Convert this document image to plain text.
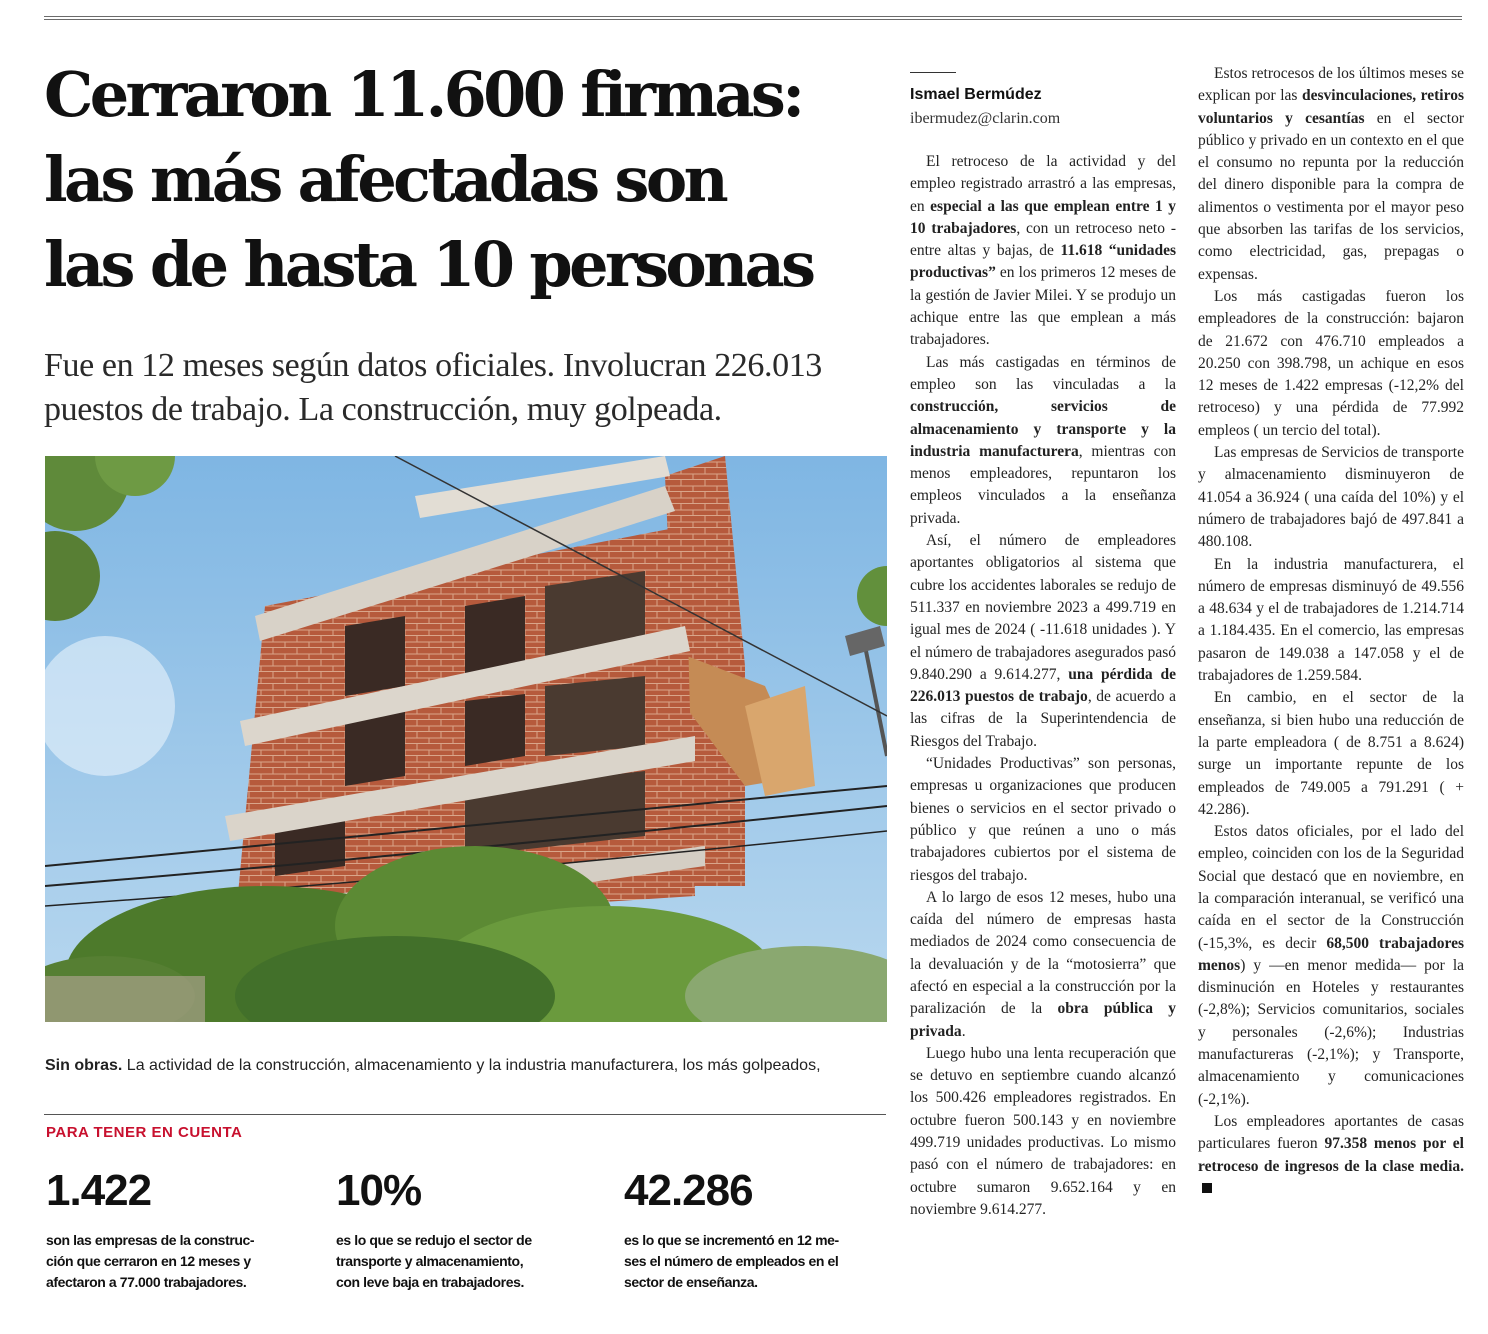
Cerraron 11.600 firmas:
las más afectadas son
las de hasta 10 personas

Fue en 12 meses según datos oficiales. Involucran 226.013
puestos de trabajo. La construcción, muy golpeada.

Sin obras. La actividad de la construcción, almacenamiento y la industria manufacturera, los más golpeados,
PARA TENER EN CUENTA
1.422
son las empresas de la construc-
ción que cerraron en 12 meses y
afectaron a 77.000 trabajadores.
10%
es lo que se redujo el sector de
transporte y almacenamiento,
con leve baja en trabajadores.
42.286
es lo que se incrementó en 12 me-
ses el número de empleados en el
sector de enseñanza.
Ismael Bermúdez
ibermudez@clarin.com

El retroceso de la actividad y del empleo registrado arrastró a las empresas, en especial a las que emplean entre 1 y 10 trabajadores, con un retroceso neto - entre altas y bajas, de 11.618 “unidades productivas” en los primeros 12 meses de la gestión de Javier Milei. Y se produjo un achique entre las que emplean a más trabajadores.

Las más castigadas en términos de empleo son las vinculadas a la construcción, servicios de almacenamiento y transporte y la industria manufacturera, mientras con menos empleadores, repuntaron los empleos vinculados a la enseñanza privada.

Así, el número de empleadores aportantes obligatorios al sistema que cubre los accidentes laborales se redujo de 511.337 en noviembre 2023 a 499.719 en igual mes de 2024 ( -11.618 unidades ). Y el número de trabajadores asegurados pasó 9.840.290 a 9.614.277, una pérdida de 226.013 puestos de trabajo, de acuerdo a las cifras de la Superintendencia de Riesgos del Trabajo.

“Unidades Productivas” son personas, empresas u organizaciones que producen bienes o servicios en el sector privado o público y que reúnen a uno o más trabajadores cubiertos por el sistema de riesgos del trabajo.

A lo largo de esos 12 meses, hubo una caída del número de empresas hasta mediados de 2024 como consecuencia de la devaluación y de la “motosierra” que afectó en especial a la construcción por la paralización de la obra pública y privada.

Luego hubo una lenta recuperación que se detuvo en septiembre cuando alcanzó los 500.426 empleadores registrados. En octubre fueron 500.143 y en noviembre 499.719 unidades productivas. Lo mismo pasó con el número de trabajadores: en octubre sumaron 9.652.164 y en noviembre 9.614.277.

Estos retrocesos de los últimos meses se explican por las desvinculaciones, retiros voluntarios y cesantías en el sector público y privado en un contexto en el que el consumo no repunta por la reducción del dinero disponible para la compra de alimentos o vestimenta por el mayor peso que absorben las tarifas de los servicios, como electricidad, gas, prepagas o expensas.

Los más castigadas fueron los empleadores de la construcción: bajaron de 21.672 con 476.710 empleados a 20.250 con 398.798, un achique en esos 12 meses de 1.422 empresas (-12,2% del retroceso) y una pérdida de 77.992 empleos ( un tercio del total).

Las empresas de Servicios de transporte y almacenamiento disminuyeron de 41.054 a 36.924 ( una caída del 10%) y el número de trabajadores bajó de 497.841 a 480.108.

En la industria manufacturera, el número de empresas disminuyó de 49.556 a 48.634 y el de trabajadores de 1.214.714 a 1.184.435. En el comercio, las empresas pasaron de 149.038 a 147.058 y el de trabajadores de 1.259.584.

En cambio, en el sector de la enseñanza, si bien hubo una reducción de la parte empleadora ( de 8.751 a 8.624) surge un importante repunte de los empleados de 749.005 a 791.291 ( + 42.286).

Estos datos oficiales, por el lado del empleo, coinciden con los de la Seguridad Social que destacó que en noviembre, en la comparación interanual, se verificó una caída en el sector de la Construcción (-15,3%, es decir 68,500 trabajadores menos) y —en menor medida— por la disminución en Hoteles y restaurantes (-2,8%); Servicios comunitarios, sociales y personales (-2,6%); Industrias manufactureras (-2,1%); y Transporte, almacenamiento y comunicaciones (-2,1%).

Los empleadores aportantes de casas particulares fueron 97.358 menos por el retroceso de ingresos de la clase media.
